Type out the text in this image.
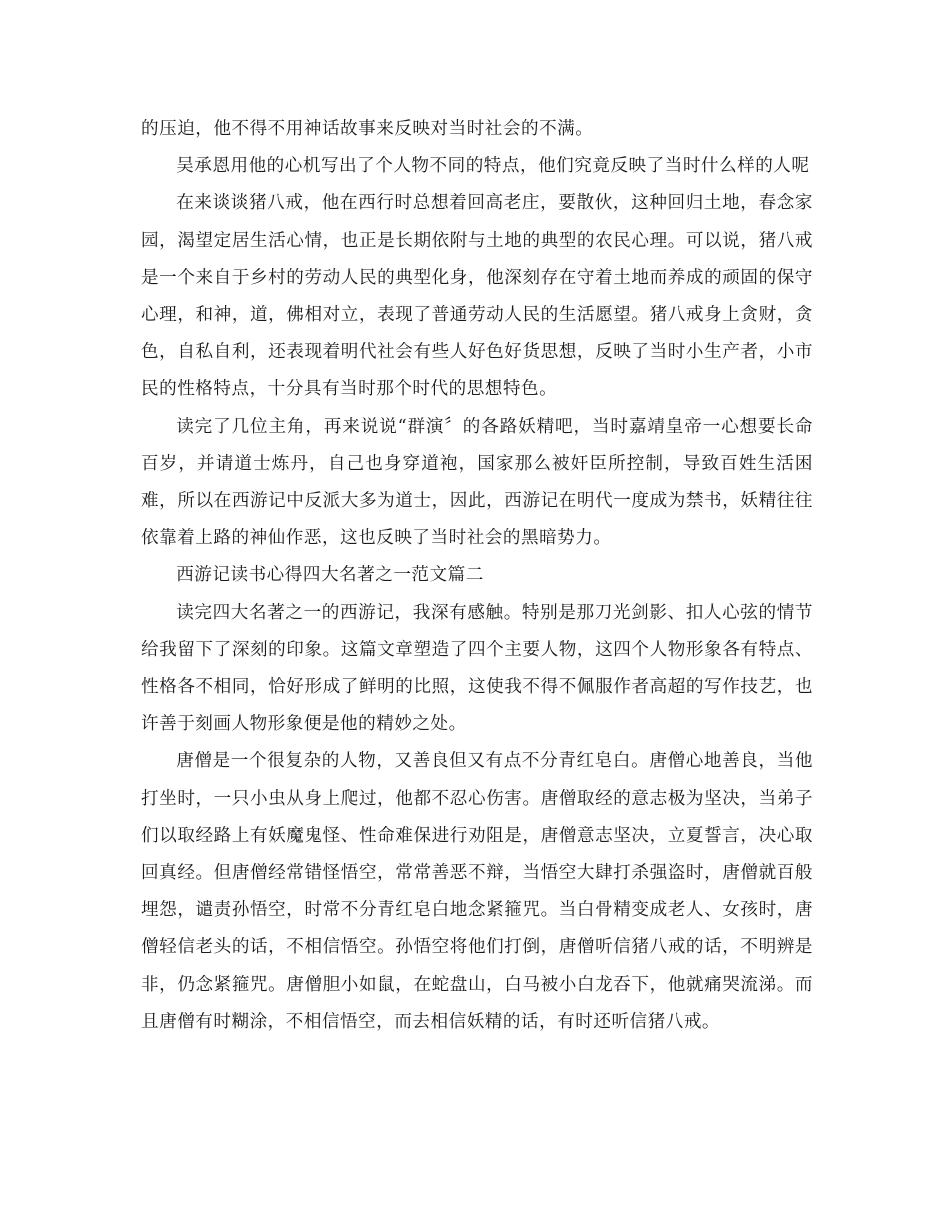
的压迫，他不得不用神话故事来反映对当时社会的不满。

吴承恩用他的心机写出了个人物不同的特点，他们究竟反映了当时什么样的人呢

在来谈谈猪八戒，他在西行时总想着回高老庄，要散伙，这种回归土地，春念家园，渴望定居生活心情，也正是长期依附与土地的典型的农民心理。可以说，猪八戒是一个来自于乡村的劳动人民的典型化身，他深刻存在守着土地而养成的顽固的保守心理，和神，道，佛相对立，表现了普通劳动人民的生活愿望。猪八戒身上贪财，贪色，自私自利，还表现着明代社会有些人好色好货思想，反映了当时小生产者，小市民的性格特点，十分具有当时那个时代的思想特色。

读完了几位主角，再来说说“群演〞的各路妖精吧，当时嘉靖皇帝一心想要长命百岁，并请道士炼丹，自己也身穿道袍，国家那么被奸臣所控制，导致百姓生活困难，所以在西游记中反派大多为道士，因此，西游记在明代一度成为禁书，妖精往往依靠着上路的神仙作恶，这也反映了当时社会的黑暗势力。

西游记读书心得四大名著之一范文篇二

读完四大名著之一的西游记，我深有感触。特别是那刀光剑影、扣人心弦的情节给我留下了深刻的印象。这篇文章塑造了四个主要人物，这四个人物形象各有特点、性格各不相同，恰好形成了鲜明的比照，这使我不得不佩服作者高超的写作技艺，也许善于刻画人物形象便是他的精妙之处。

唐僧是一个很复杂的人物，又善良但又有点不分青红皂白。唐僧心地善良，当他打坐时，一只小虫从身上爬过，他都不忍心伤害。唐僧取经的意志极为坚决，当弟子们以取经路上有妖魔鬼怪、性命难保进行劝阻是，唐僧意志坚决，立夏誓言，决心取回真经。但唐僧经常错怪悟空，常常善恶不辩，当悟空大肆打杀强盗时，唐僧就百般埋怨，谴责孙悟空，时常不分青红皂白地念紧箍咒。当白骨精变成老人、女孩时，唐僧轻信老头的话，不相信悟空。孙悟空将他们打倒，唐僧听信猪八戒的话，不明辨是非，仍念紧箍咒。唐僧胆小如鼠，在蛇盘山，白马被小白龙吞下，他就痛哭流涕。而且唐僧有时糊涂，不相信悟空，而去相信妖精的话，有时还听信猪八戒。
